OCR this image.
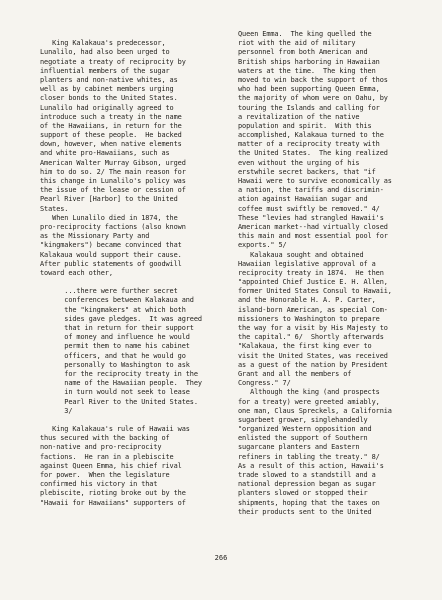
King Kalakaua's predecessor,
Lunalilo, had also been urged to
negotiate a treaty of reciprocity by
influential members of the sugar
planters and non-native whites, as
well as by cabinet members urging
closer bonds to the United States.
Lunalilo had originally agreed to
introduce such a treaty in the name
of the Hawaiians, in return for the
support of these people.  He backed
down, however, when native elements
and white pro-Hawaiians, such as
American Walter Murray Gibson, urged
him to do so. 2/ The main reason for
this change in Lunalilo's policy was
the issue of the lease or cession of
Pearl River [Harbor] to the United
States.
When Lunalilo died in 1874, the
pro-reciprocity factions (also known
as the Missionary Party and
"kingmakers") became convinced that
Kalakaua would support their cause.
After public statements of goodwill
toward each other,
...there were further secret
conferences between Kalakaua and
the "kingmakers" at which both
sides gave pledges.  It was agreed
that in return for their support
of money and influence he would
permit them to name his cabinet
officers, and that he would go
personally to Washington to ask
for the reciprocity treaty in the
name of the Hawaiian people.  They
in turn would not seek to lease
Pearl River to the United States.
3/
King Kalakaua's rule of Hawaii was
thus secured with the backing of
non-native and pro-reciprocity
factions.  He ran in a plebiscite
against Queen Emma, his chief rival
for power.  When the legislature
confirmed his victory in that
plebiscite, rioting broke out by the
"Hawaii for Hawaiians" supporters of
Queen Emma.  The king quelled the
riot with the aid of military
personnel from both American and
British ships harboring in Hawaiian
waters at the time.  The king then
moved to win back the support of thos
who had been supporting Queen Emma,
the majority of whom were on Oahu, by
touring the Islands and calling for
a revitalization of the native
population and spirit.  With this
accomplished, Kalakaua turned to the
matter of a reciprocity treaty with
the United States.  The king realized
even without the urging of his
erstwhile secret backers, that "if
Hawaii were to survive economically as
a nation, the tariffs and discrimin-
ation against Hawaiian sugar and
coffee must swiftly be removed." 4/
These "levies had strangled Hawaii's
American market--had virtually closed
this main and most essential pool for
exports." 5/
Kalakaua sought and obtained
Hawaiian legislative approval of a
reciprocity treaty in 1874.  He then
"appointed Chief Justice E. H. Allen,
former United States Consul to Hawaii,
and the Honorable H. A. P. Carter,
island-born American, as special Com-
missioners to Washington to prepare
the way for a visit by His Majesty to
the capital." 6/  Shortly afterwards
"Kalakaua, the first king ever to
visit the United States, was received
as a guest of the nation by President
Grant and all the members of
Congress." 7/
Although the king (and prospects
for a treaty) were greeted amiably,
one man, Claus Spreckels, a California
sugarbeet grower, singlehandedly
"organized Western opposition and
enlisted the support of Southern
sugarcane planters and Eastern
refiners in tabling the treaty." 8/
As a result of this action, Hawaii's
trade slowed to a standstill and a
national depression began as sugar
planters slowed or stopped their
shipments, hoping that the taxes on
their products sent to the United
266
